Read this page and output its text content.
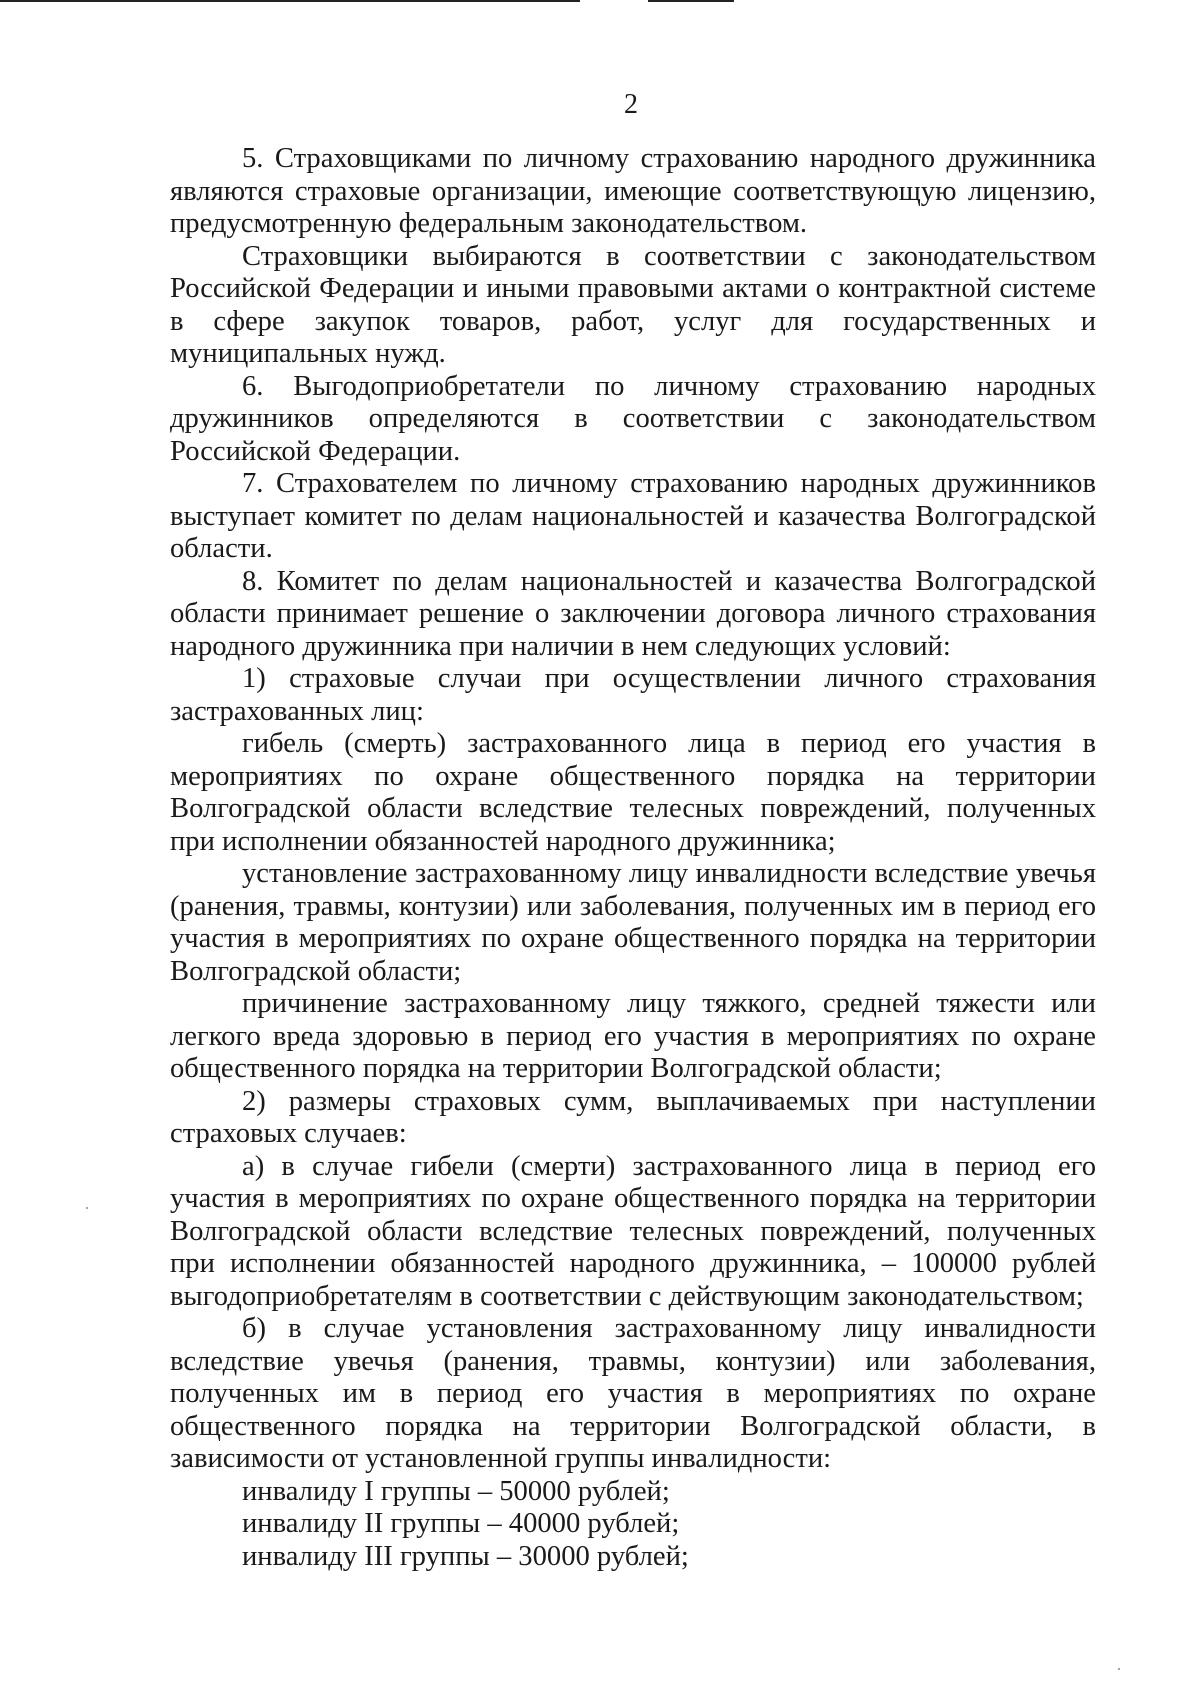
2

5. Страховщиками по личному страхованию народного дружинника являются страховые организации, имеющие соответствующую лицензию, предусмотренную федеральным законодательством.

Страховщики выбираются в соответствии с законодательством Российской Федерации и иными правовыми актами о контрактной системе в сфере закупок товаров, работ, услуг для государственных и муниципальных нужд.

6. Выгодоприобретатели по личному страхованию народных дружинников определяются в соответствии с законодательством Российской Федерации.

7. Страхователем по личному страхованию народных дружинников выступает комитет по делам национальностей и казачества Волгоградской области.

8. Комитет по делам национальностей и казачества Волгоградской области принимает решение о заключении договора личного страхования народного дружинника при наличии в нем следующих условий:

1) страховые случаи при осуществлении личного страхования застрахованных лиц:

гибель (смерть) застрахованного лица в период его участия в мероприятиях по охране общественного порядка на территории Волгоградской области вследствие телесных повреждений, полученных при исполнении обязанностей народного дружинника;

установление застрахованному лицу инвалидности вследствие увечья (ранения, травмы, контузии) или заболевания, полученных им в период его участия в мероприятиях по охране общественного порядка на территории Волгоградской области;

причинение застрахованному лицу тяжкого, средней тяжести или легкого вреда здоровью в период его участия в мероприятиях по охране общественного порядка на территории Волгоградской области;

2) размеры страховых сумм, выплачиваемых при наступлении страховых случаев:

а) в случае гибели (смерти) застрахованного лица в период его участия в мероприятиях по охране общественного порядка на территории Волгоградской области вследствие телесных повреждений, полученных при исполнении обязанностей народного дружинника, – 100000 рублей выгодоприобретателям в соответствии с действующим законодательством;

б) в случае установления застрахованному лицу инвалидности вследствие увечья (ранения, травмы, контузии) или заболевания, полученных им в период его участия в мероприятиях по охране общественного порядка на территории Волгоградской области, в зависимости от установленной группы инвалидности:

инвалиду I группы – 50000 рублей;

инвалиду II группы – 40000 рублей;

инвалиду III группы – 30000 рублей;
